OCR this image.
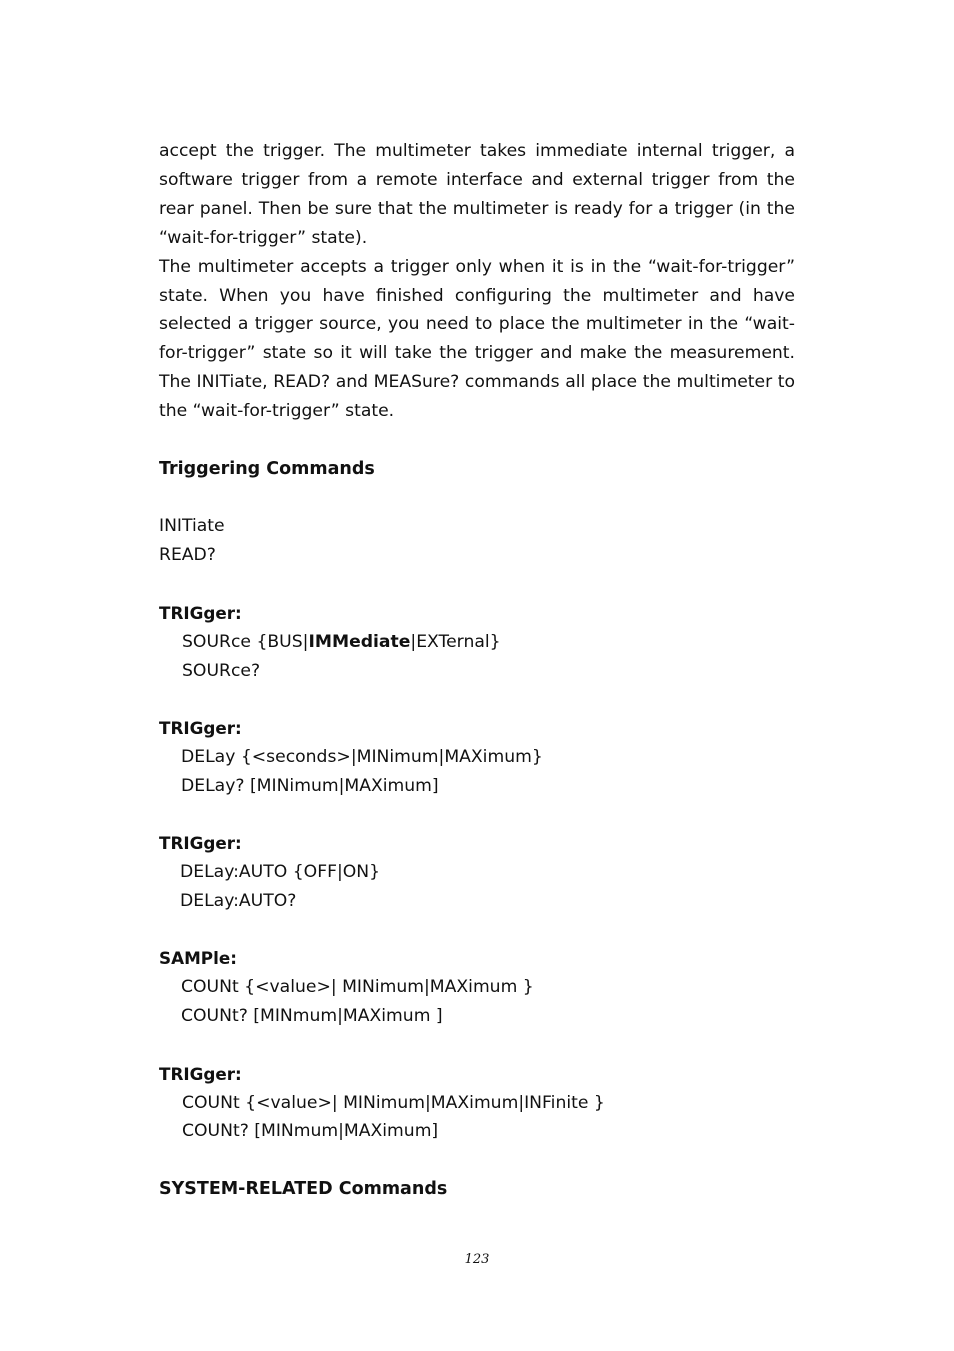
accept the trigger. The multimeter takes immediate internal trigger, a software trigger from a remote interface and external trigger from the rear panel. Then be sure that the multimeter is ready for a trigger (in the “wait-for-trigger” state).

The multimeter accepts a trigger only when it is in the “wait-for-trigger” state. When you have finished configuring the multimeter and have selected a trigger source, you need to place the multimeter in the “wait-for-trigger” state so it will take the trigger and make the measurement. The INITiate, READ? and MEASure? commands all place the multimeter to the “wait-for-trigger” state.

Triggering Commands

INITiate

READ?

TRIGger:

SOURce {BUS|IMMediate|EXTernal}

SOURce?

TRIGger:

DELay {<seconds>|MINimum|MAXimum}

DELay? [MINimum|MAXimum]

TRIGger:

DELay:AUTO {OFF|ON}

DELay:AUTO?

SAMPle:

COUNt {<value>| MINimum|MAXimum }

COUNt? [MINmum|MAXimum ]

TRIGger:

COUNt {<value>| MINimum|MAXimum|INFinite }

COUNt? [MINmum|MAXimum]

SYSTEM-RELATED Commands

123
